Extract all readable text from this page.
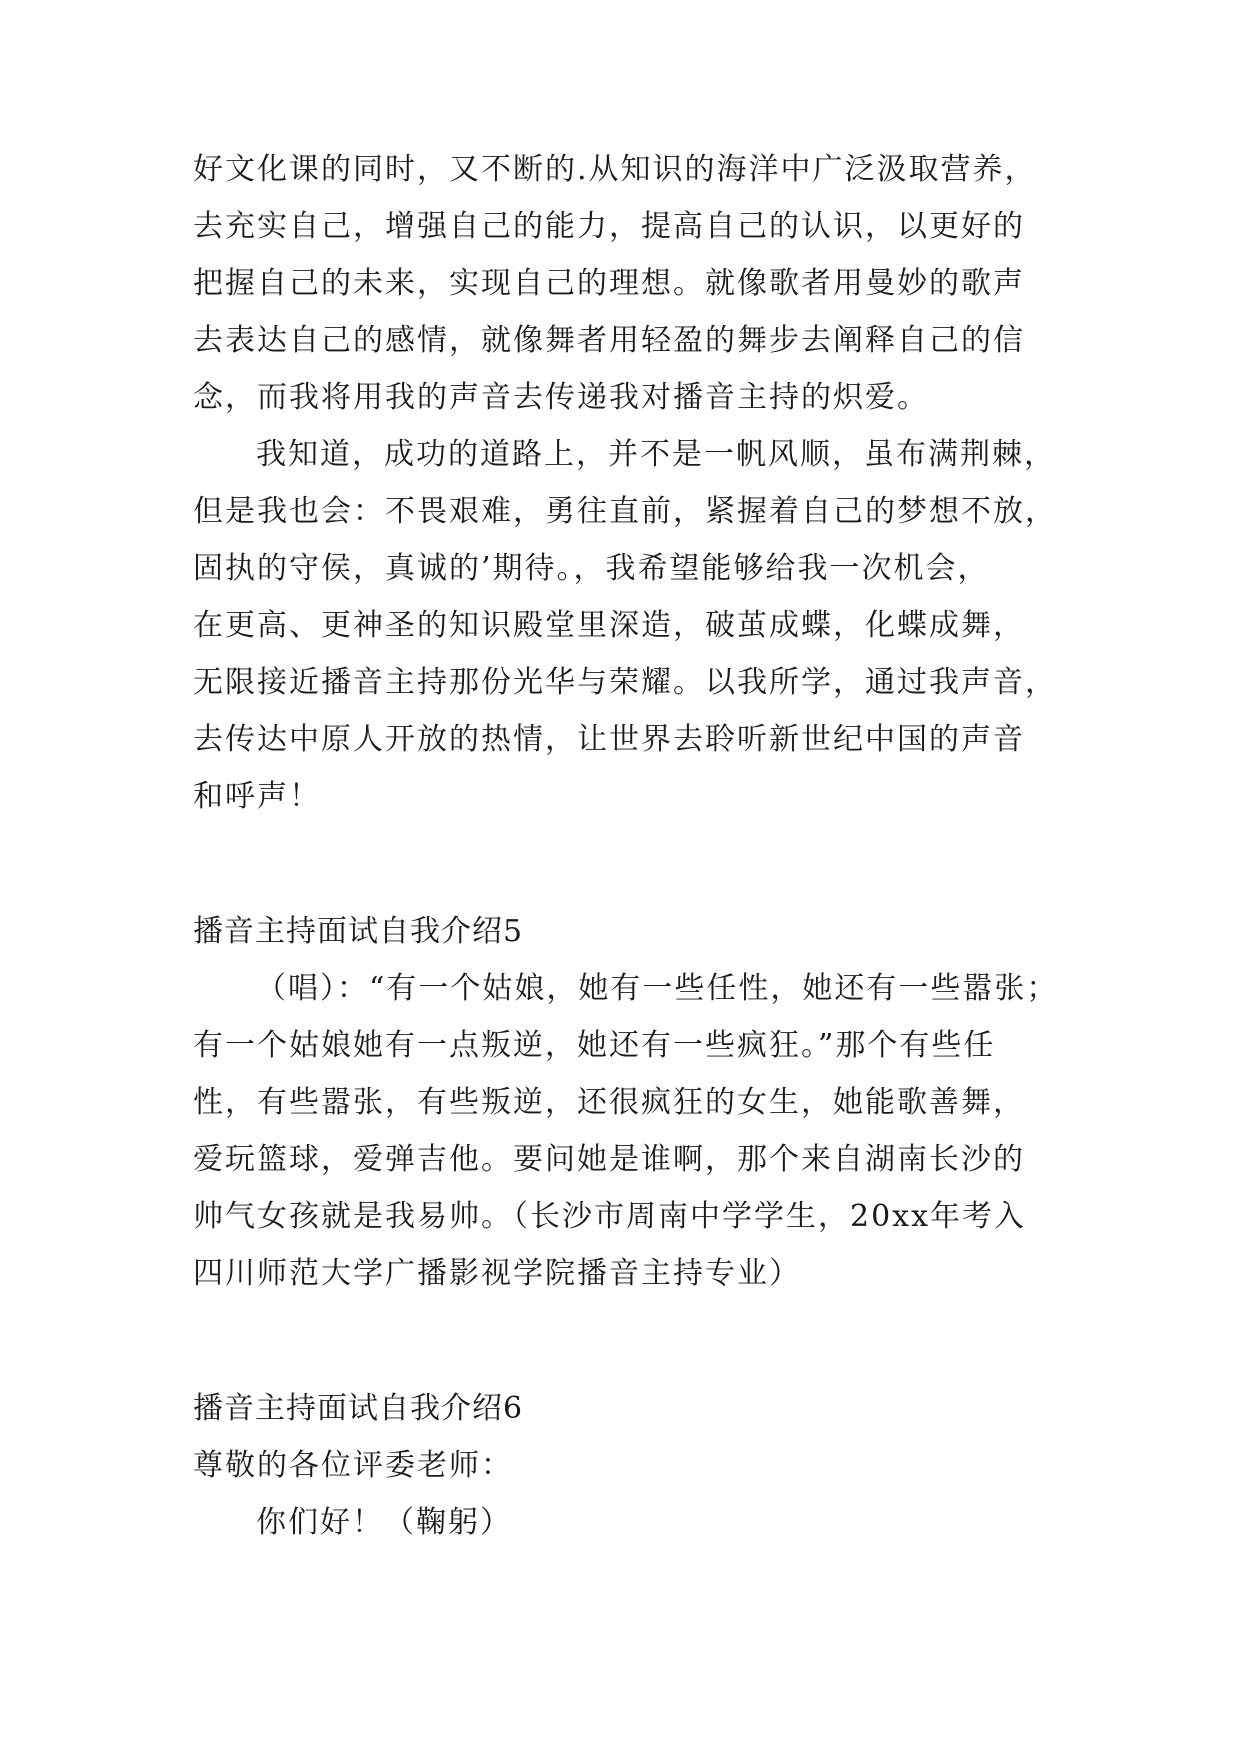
好文化课的同时，又不断的.从知识的海洋中广泛汲取营养，
去充实自己，增强自己的能力，提高自己的认识，以更好的
把握自己的未来，实现自己的理想。就像歌者用曼妙的歌声
去表达自己的感情，就像舞者用轻盈的舞步去阐释自己的信
念，而我将用我的声音去传递我对播音主持的炽爱。
我知道，成功的道路上，并不是一帆风顺，虽布满荆棘，
但是我也会：不畏艰难，勇往直前，紧握着自己的梦想不放，
固执的守侯，真诚的’期待。，我希望能够给我一次机会，
在更高、更神圣的知识殿堂里深造，破茧成蝶，化蝶成舞，
无限接近播音主持那份光华与荣耀。以我所学，通过我声音，
去传达中原人开放的热情，让世界去聆听新世纪中国的声音
和呼声！
播音主持面试自我介绍5
（唱）：“有一个姑娘，她有一些任性，她还有一些嚣张；
有一个姑娘她有一点叛逆，她还有一些疯狂。”那个有些任
性，有些嚣张，有些叛逆，还很疯狂的女生，她能歌善舞，
爱玩篮球，爱弹吉他。要问她是谁啊，那个来自湖南长沙的
帅气女孩就是我易帅。（长沙市周南中学学生，20xx年考入
四川师范大学广播影视学院播音主持专业）
播音主持面试自我介绍6
尊敬的各位评委老师：
你们好！（鞠躬）
